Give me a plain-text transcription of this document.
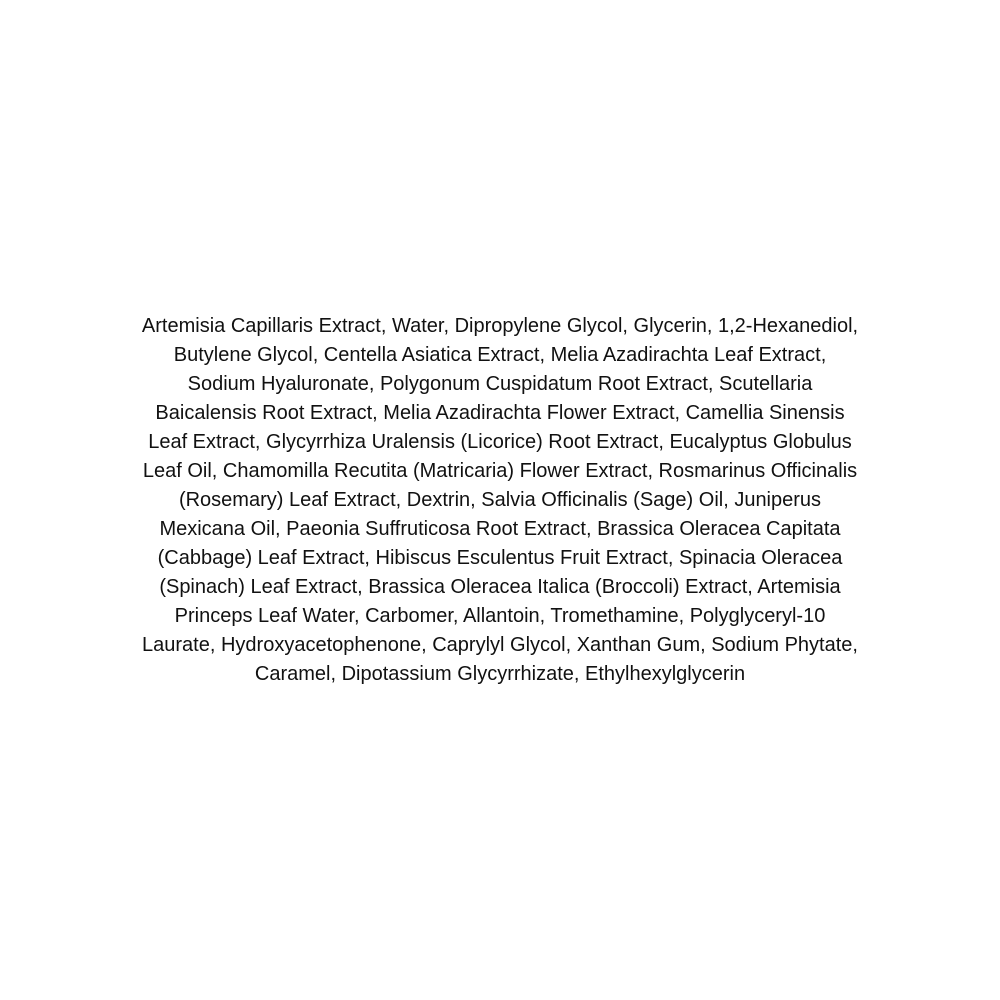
Artemisia Capillaris Extract, Water, Dipropylene Glycol, Glycerin, 1,2-Hexanediol,
Butylene Glycol, Centella Asiatica Extract, Melia Azadirachta Leaf Extract,
Sodium Hyaluronate, Polygonum Cuspidatum Root Extract, Scutellaria
Baicalensis Root Extract, Melia Azadirachta Flower Extract, Camellia Sinensis
Leaf Extract, Glycyrrhiza Uralensis (Licorice) Root Extract, Eucalyptus Globulus
Leaf Oil, Chamomilla Recutita (Matricaria) Flower Extract, Rosmarinus Officinalis
(Rosemary) Leaf Extract, Dextrin, Salvia Officinalis (Sage) Oil, Juniperus
Mexicana Oil, Paeonia Suffruticosa Root Extract, Brassica Oleracea Capitata
(Cabbage) Leaf Extract, Hibiscus Esculentus Fruit Extract, Spinacia Oleracea
(Spinach) Leaf Extract, Brassica Oleracea Italica (Broccoli) Extract, Artemisia
Princeps Leaf Water, Carbomer, Allantoin, Tromethamine, Polyglyceryl-10
Laurate, Hydroxyacetophenone, Caprylyl Glycol, Xanthan Gum, Sodium Phytate,
Caramel, Dipotassium Glycyrrhizate, Ethylhexylglycerin
